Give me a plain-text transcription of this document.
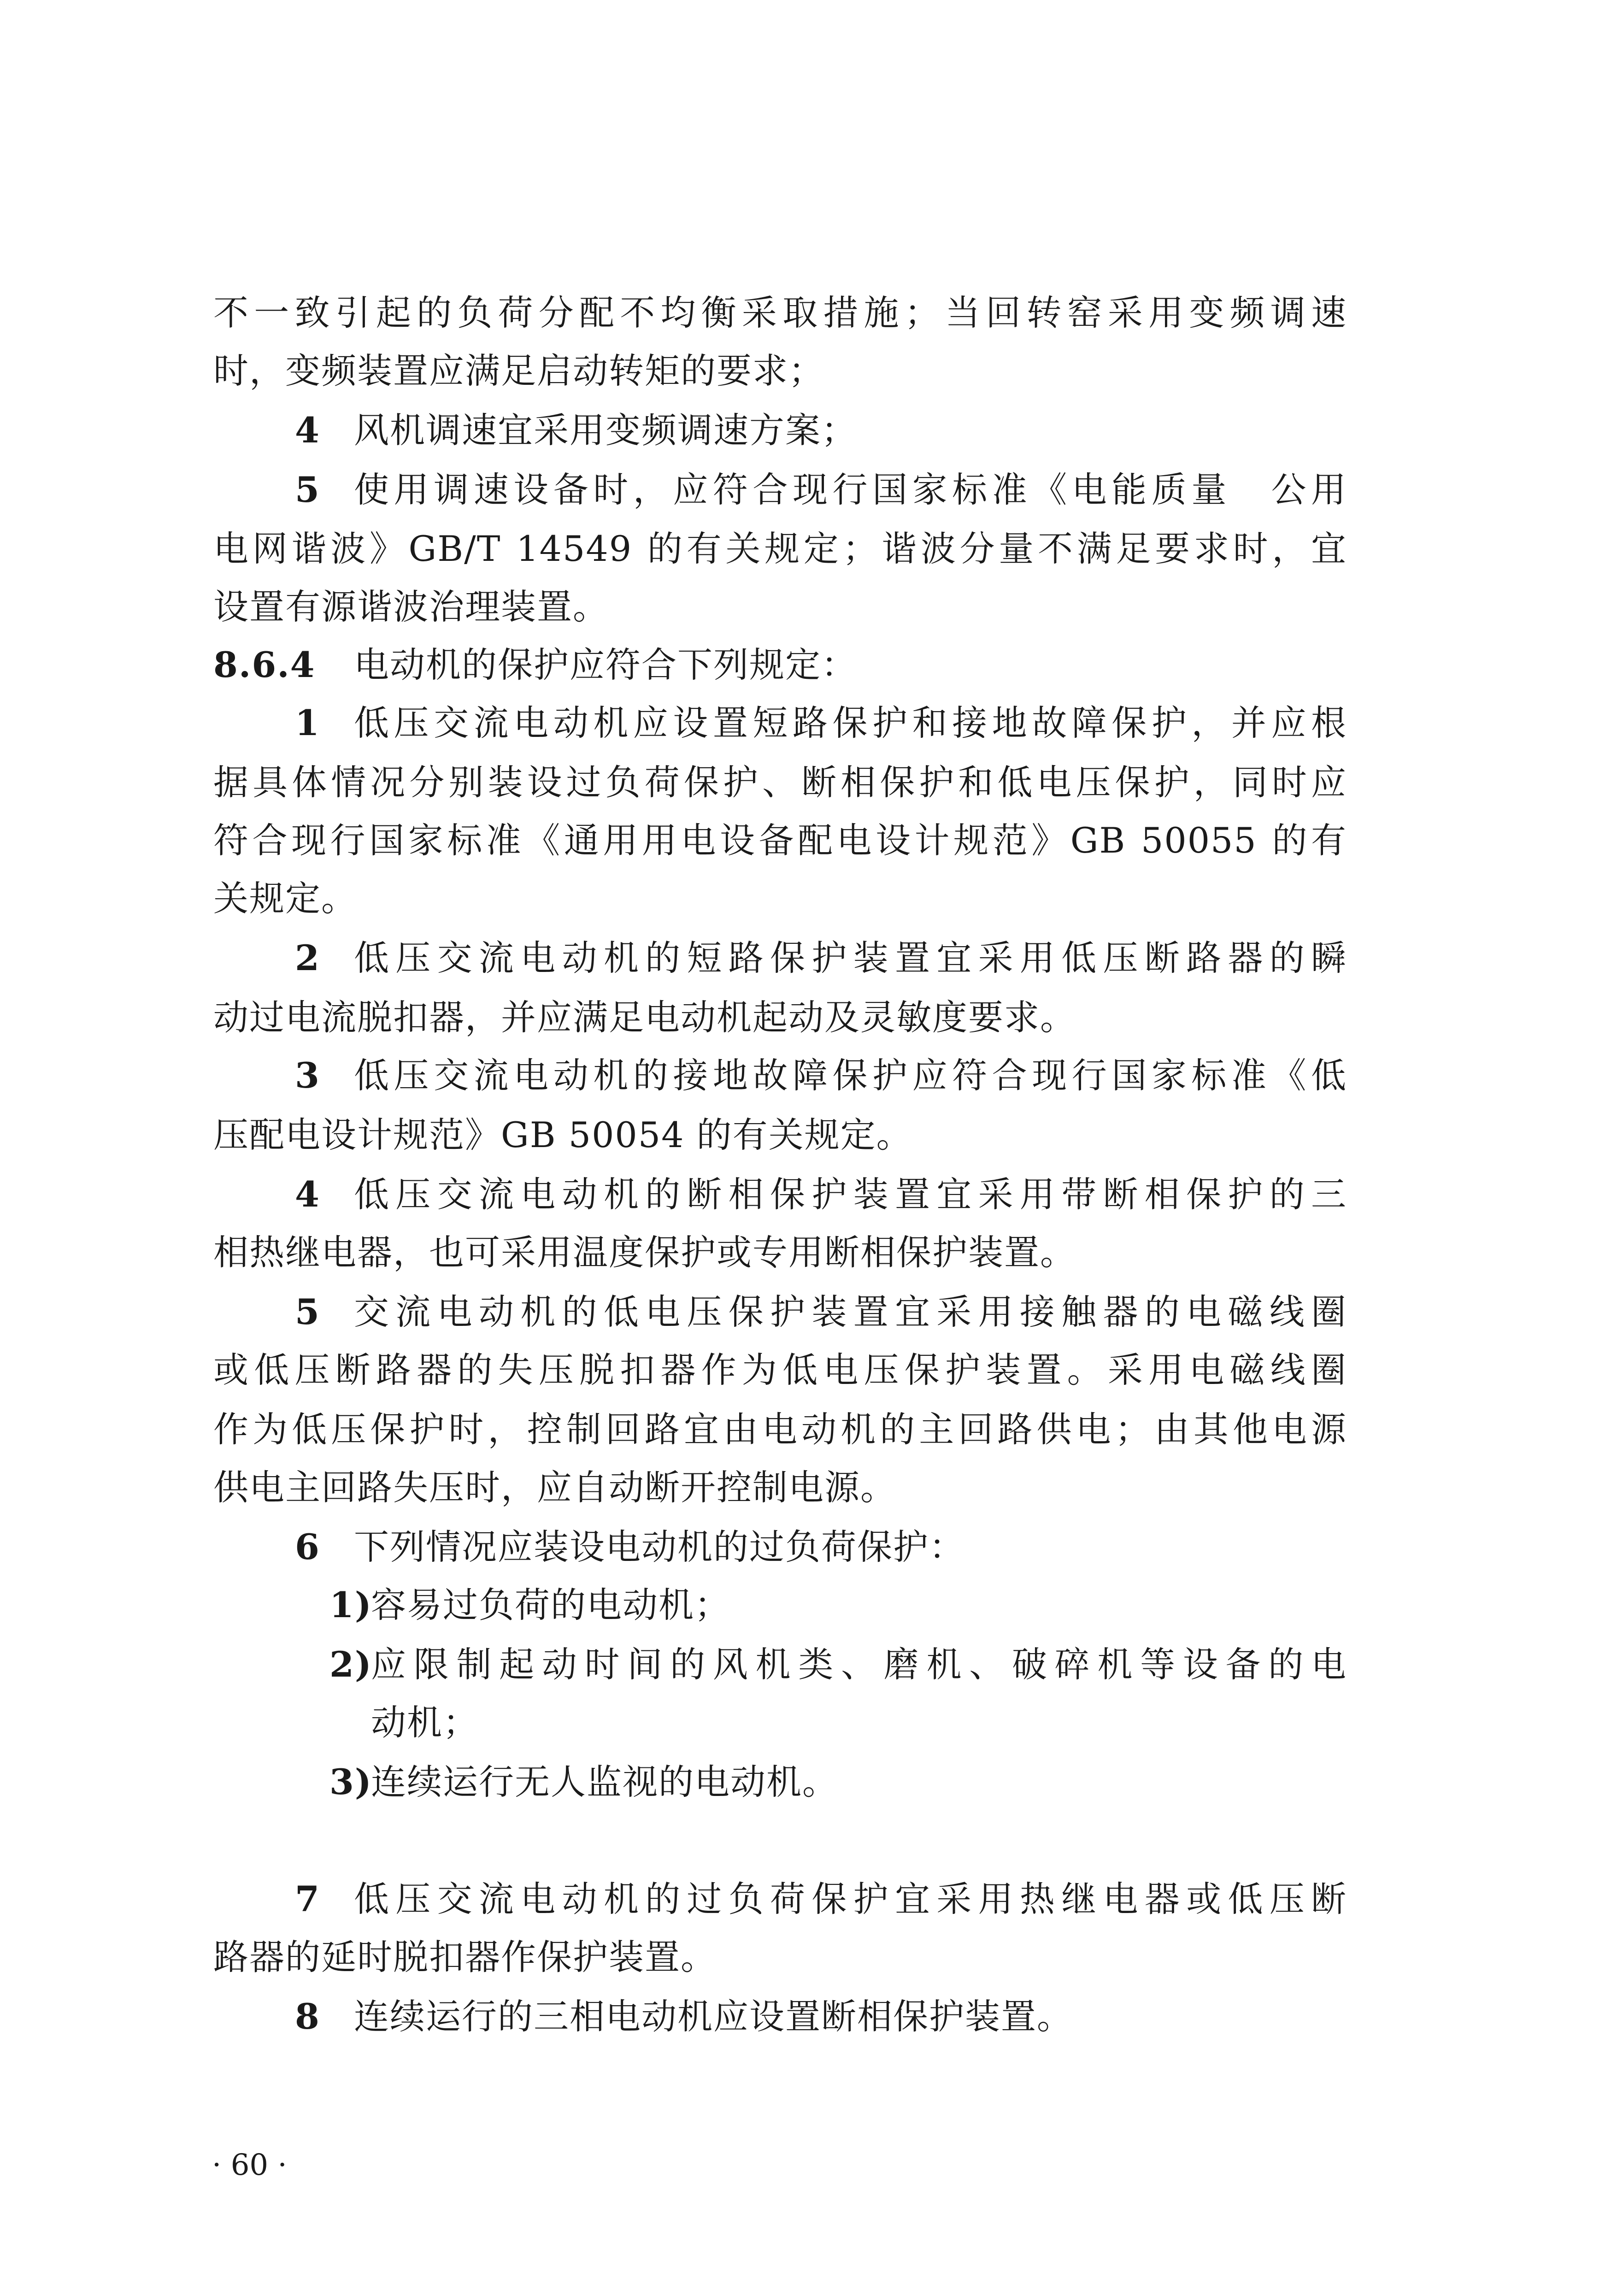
不一致引起的负荷分配不均衡采取措施；当回转窑采用变频调速
时，变频装置应满足启动转矩的要求；
4 风机调速宜采用变频调速方案；
5 使用调速设备时，应符合现行国家标准《电能质量　公用
电网谐波》GB/T 14549 的有关规定；谐波分量不满足要求时，宜
设置有源谐波治理装置。
8.6.4 电动机的保护应符合下列规定：
1 低压交流电动机应设置短路保护和接地故障保护，并应根
据具体情况分别装设过负荷保护、断相保护和低电压保护，同时应
符合现行国家标准《通用用电设备配电设计规范》GB 50055 的有
关规定。
2 低压交流电动机的短路保护装置宜采用低压断路器的瞬
动过电流脱扣器，并应满足电动机起动及灵敏度要求。
3 低压交流电动机的接地故障保护应符合现行国家标准《低
压配电设计规范》GB 50054 的有关规定。
4 低压交流电动机的断相保护装置宜采用带断相保护的三
相热继电器，也可采用温度保护或专用断相保护装置。
5 交流电动机的低电压保护装置宜采用接触器的电磁线圈
或低压断路器的失压脱扣器作为低电压保护装置。采用电磁线圈
作为低压保护时，控制回路宜由电动机的主回路供电；由其他电源
供电主回路失压时，应自动断开控制电源。
6 下列情况应装设电动机的过负荷保护：
1)
容易过负荷的电动机；
2)
应限制起动时间的风机类、磨机、破碎机等设备的电
动机；
3)
连续运行无人监视的电动机。
7 低压交流电动机的过负荷保护宜采用热继电器或低压断
路器的延时脱扣器作保护装置。
8 连续运行的三相电动机应设置断相保护装置。
· 60 ·
